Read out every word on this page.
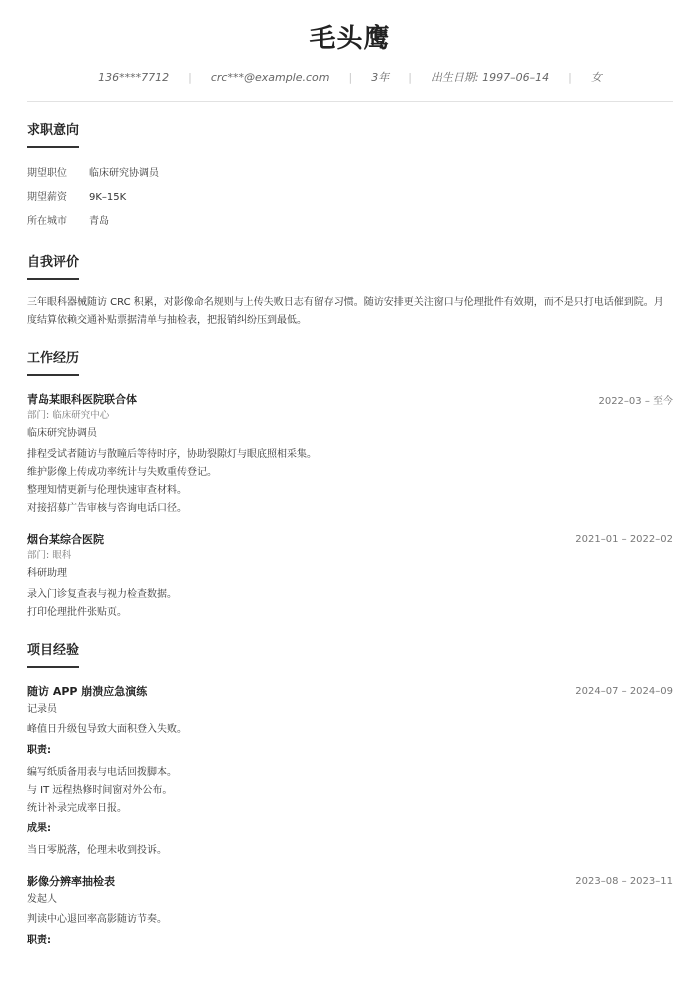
毛头鹰
136****7712 | crc***@example.com | 3年 | 出生日期: 1997–06–14 | 女
求职意向
期望职位	临床研究协调员
期望薪资	9K–15K
所在城市	青岛
自我评价
三年眼科器械随访 CRC 积累，对影像命名规则与上传失败日志有留存习惯。随访安排更关注窗口与伦理批件有效期，而不是只打电话催到院。月度结算依赖交通补贴票据清单与抽检表，把报销纠纷压到最低。
工作经历
青岛某眼科医院联合体	2022–03 – 至今
部门: 临床研究中心
临床研究协调员
排程受试者随访与散瞳后等待时序，协助裂隙灯与眼底照相采集。
维护影像上传成功率统计与失败重传登记。
整理知情更新与伦理快速审查材料。
对接招募广告审核与咨询电话口径。
烟台某综合医院	2021–01 – 2022–02
部门: 眼科
科研助理
录入门诊复查表与视力检查数据。
打印伦理批件张贴页。
项目经验
随访 APP 崩溃应急演练	2024–07 – 2024–09
记录员
峰值日升级包导致大面积登入失败。
职责:
编写纸质备用表与电话回拨脚本。
与 IT 远程热修时间窗对外公布。
统计补录完成率日报。
成果:
当日零脱落，伦理未收到投诉。
影像分辨率抽检表	2023–08 – 2023–11
发起人
判读中心退回率高影随访节奏。
职责:
